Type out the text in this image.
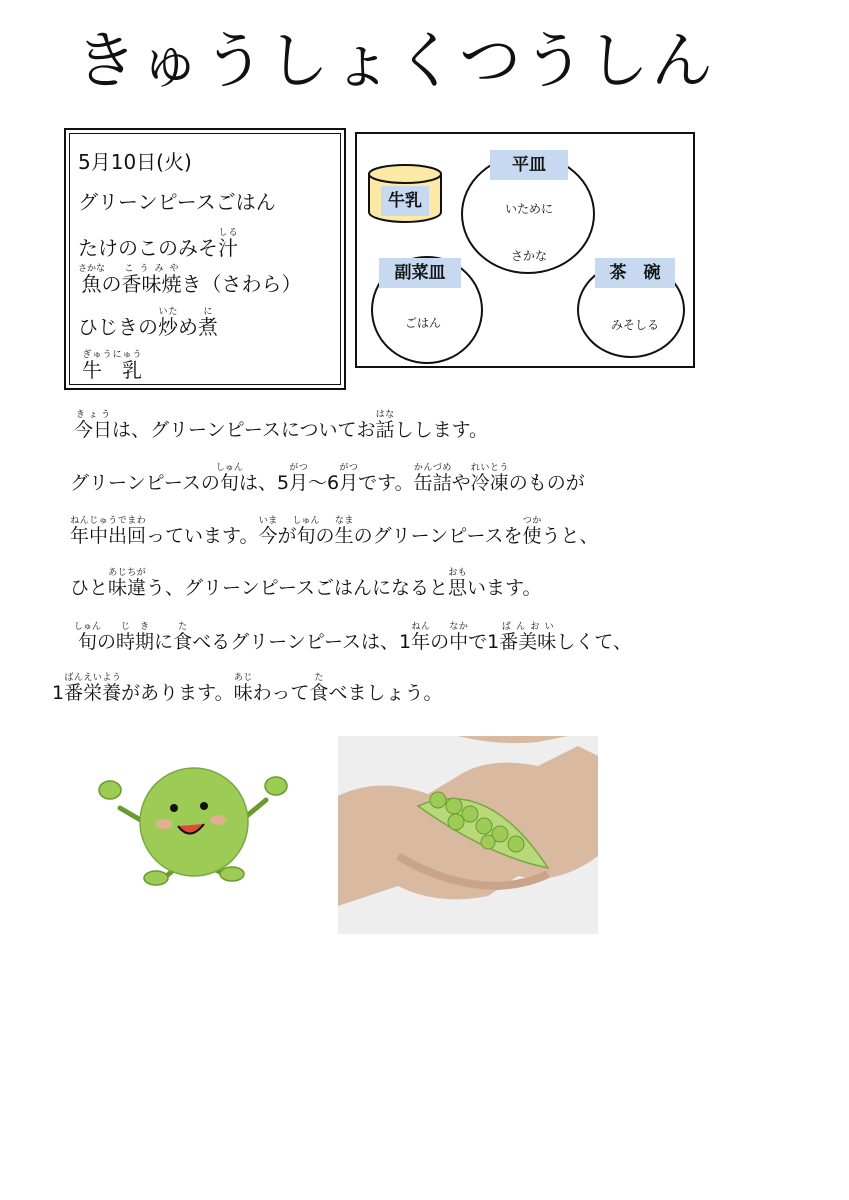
きゅうしょくつうしん
5月10日(火)
グリーンピースごはん
たけのこのみそ汁しる
魚さかなの香味焼こうみやき（さわら）
ひじきの炒いため煮に
牛　乳ぎゅうにゅう
牛乳
平皿
いために
さかな
副菜皿
ごはん
茶　碗
みそしる
今日きょうは、グリーンピースについてお話はなしします。
グリーンピースの旬しゅんは、5月がつ～6月がつです。缶詰かんづめや冷凍れいとうのものが
年中出回ねんじゅうでまわっています。今いまが旬しゅんの生なまのグリーンピースを使つかうと、
ひと味違あじちがう、グリーンピースごはんになると思おもいます。
旬しゅんの時期じきに食たべるグリーンピースは、1年ねんの中なかで1番美味ばんおいしくて、
1番栄養ばんえいようがあります。味あじわって食たべましょう。
